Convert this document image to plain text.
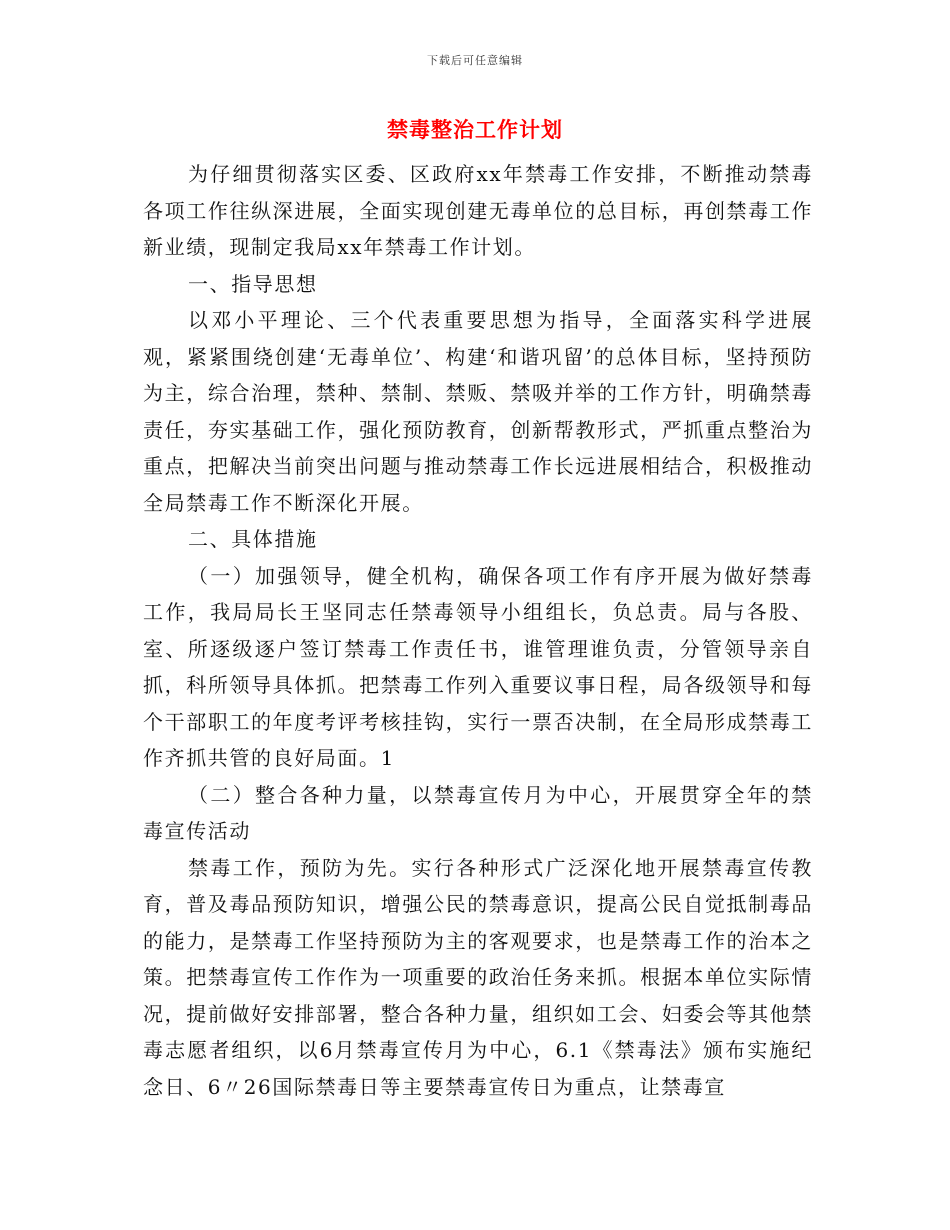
下载后可任意编辑
禁毒整治工作计划

为仔细贯彻落实区委、区政府xx年禁毒工作安排，不断推动禁毒各项工作往纵深进展，全面实现创建无毒单位的总目标，再创禁毒工作新业绩，现制定我局xx年禁毒工作计划。

一、指导思想

以邓小平理论、三个代表重要思想为指导，全面落实科学进展观，紧紧围绕创建‘无毒单位’、构建‘和谐巩留’的总体目标，坚持预防为主，综合治理，禁种、禁制、禁贩、禁吸并举的工作方针，明确禁毒责任，夯实基础工作，强化预防教育，创新帮教形式，严抓重点整治为重点，把解决当前突出问题与推动禁毒工作长远进展相结合，积极推动全局禁毒工作不断深化开展。

二、具体措施

（一）加强领导，健全机构，确保各项工作有序开展为做好禁毒工作，我局局长王坚同志任禁毒领导小组组长，负总责。局与各股、室、所逐级逐户签订禁毒工作责任书，谁管理谁负责，分管领导亲自抓，科所领导具体抓。把禁毒工作列入重要议事日程，局各级领导和每个干部职工的年度考评考核挂钩，实行一票否决制，在全局形成禁毒工作齐抓共管的良好局面。1

（二）整合各种力量，以禁毒宣传月为中心，开展贯穿全年的禁毒宣传活动

禁毒工作，预防为先。实行各种形式广泛深化地开展禁毒宣传教育，普及毒品预防知识，增强公民的禁毒意识，提高公民自觉抵制毒品的能力，是禁毒工作坚持预防为主的客观要求，也是禁毒工作的治本之策。把禁毒宣传工作作为一项重要的政治任务来抓。根据本单位实际情况，提前做好安排部署，整合各种力量，组织如工会、妇委会等其他禁毒志愿者组织，以6月禁毒宣传月为中心，6.1《禁毒法》颁布实施纪念日、6〃26国际禁毒日等主要禁毒宣传日为重点，让禁毒宣
